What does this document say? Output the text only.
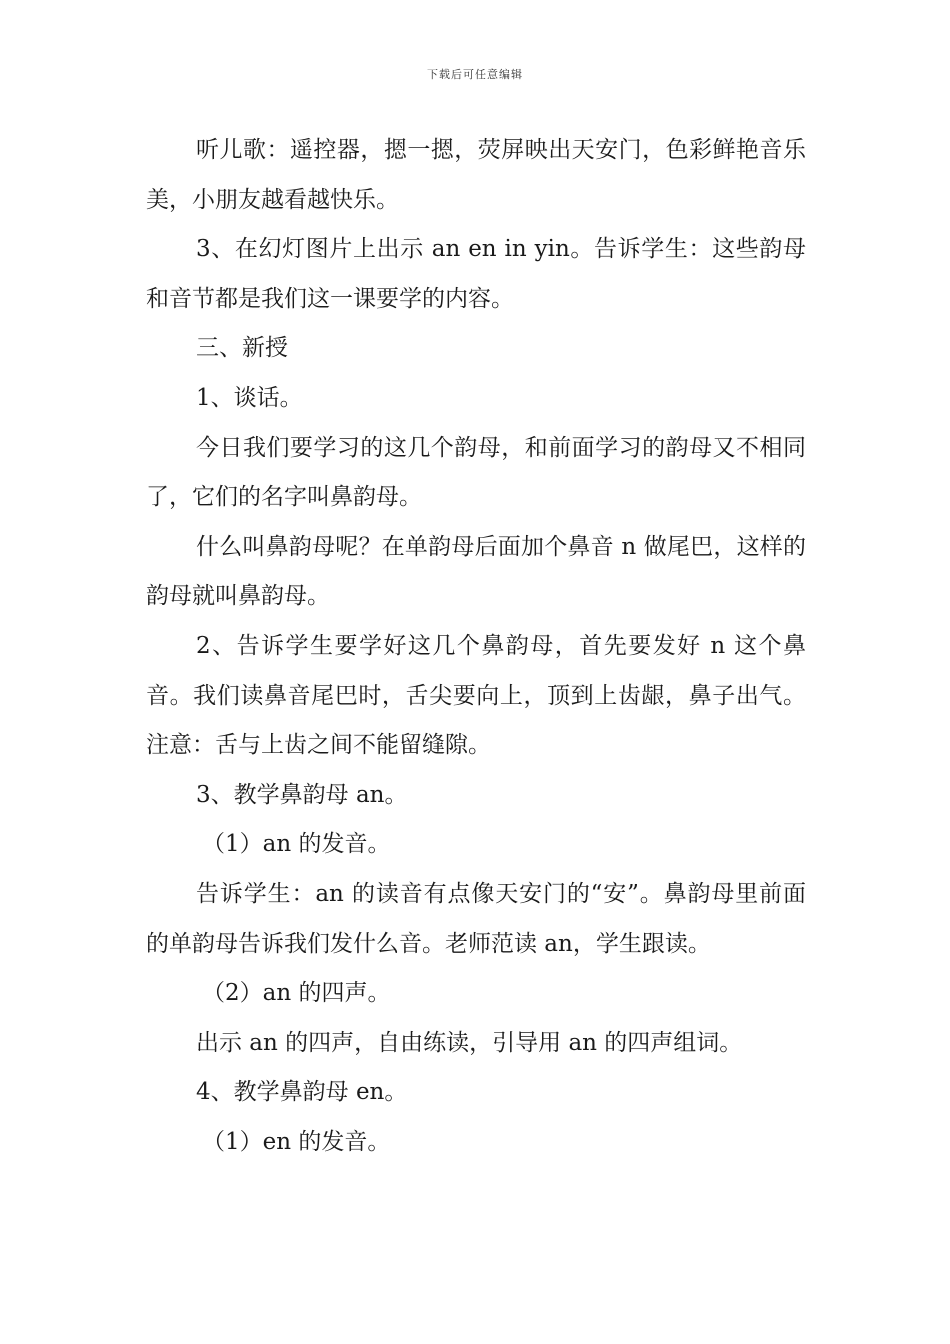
下载后可任意编辑

听儿歌：遥控器，摁一摁，荧屏映出天安门，色彩鲜艳音乐美，小朋友越看越快乐。

3、在幻灯图片上出示 an en in yin。告诉学生：这些韵母和音节都是我们这一课要学的内容。

三、新授

1、谈话。

今日我们要学习的这几个韵母，和前面学习的韵母又不相同了，它们的名字叫鼻韵母。

什么叫鼻韵母呢？在单韵母后面加个鼻音 n 做尾巴，这样的韵母就叫鼻韵母。

2、告诉学生要学好这几个鼻韵母，首先要发好 n 这个鼻音。我们读鼻音尾巴时，舌尖要向上，顶到上齿龈，鼻子出气。注意：舌与上齿之间不能留缝隙。

3、教学鼻韵母 an。

（1）an 的发音。

告诉学生：an 的读音有点像天安门的“安”。鼻韵母里前面的单韵母告诉我们发什么音。老师范读 an，学生跟读。

（2）an 的四声。

出示 an 的四声，自由练读，引导用 an 的四声组词。

4、教学鼻韵母 en。

（1）en 的发音。
